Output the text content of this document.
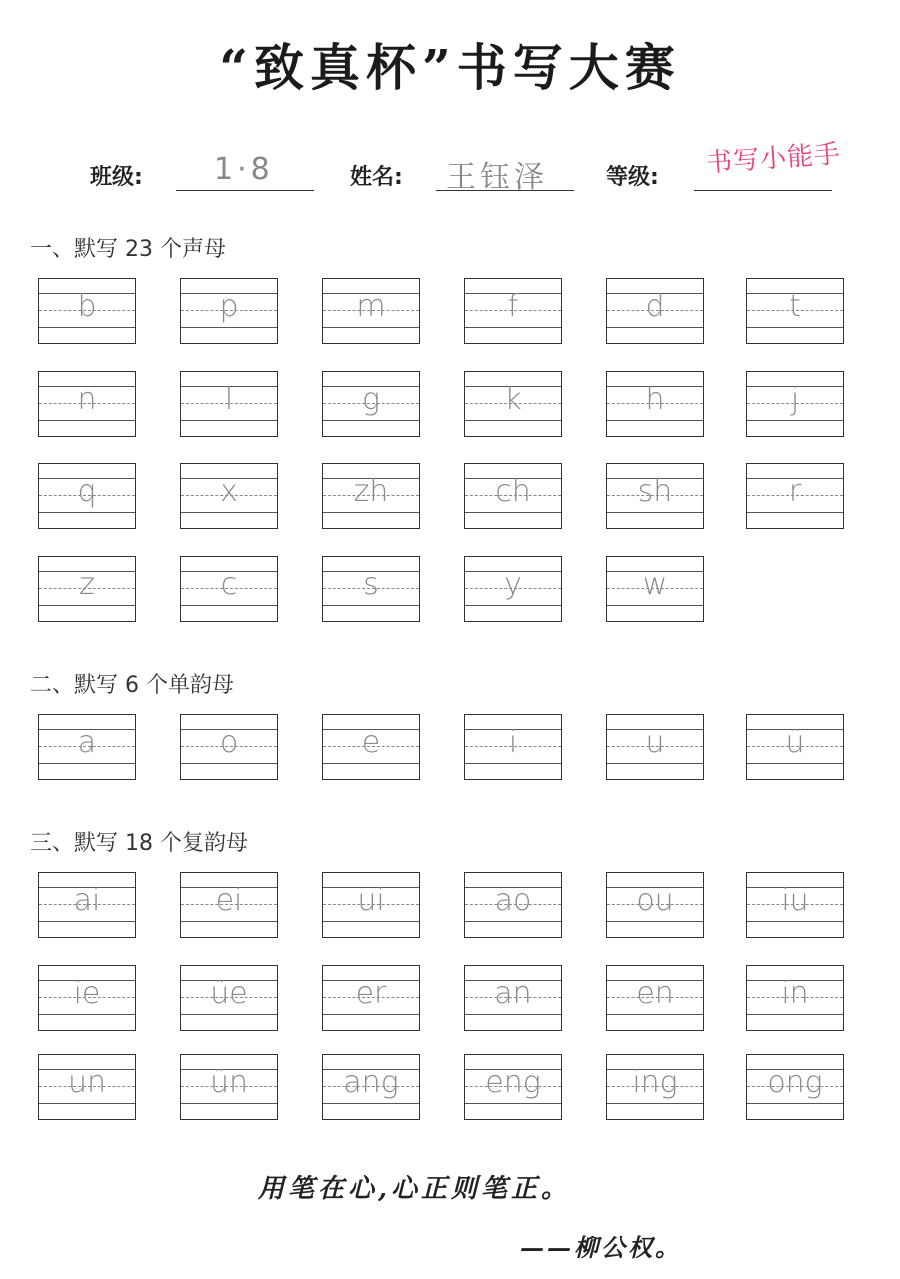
“致真杯”书写大赛
班级: 1·8	姓名: 王钰泽	等级: 书写小能手
一、默写 23 个声母
二、默写 6 个单韵母
三、默写 18 个复韵母
b	p	m	f	d	t
n	l	g	k	h	j
q	x	zh	ch	sh	r
z	c	s	y	w
a	o	e	i	u	ü
ai	ei	ui	ao	ou	iu
ie	üe	er	an	en	in
un	ün	ang	eng	ing	ong
用笔在心,心正则笔正。
——柳公权。
